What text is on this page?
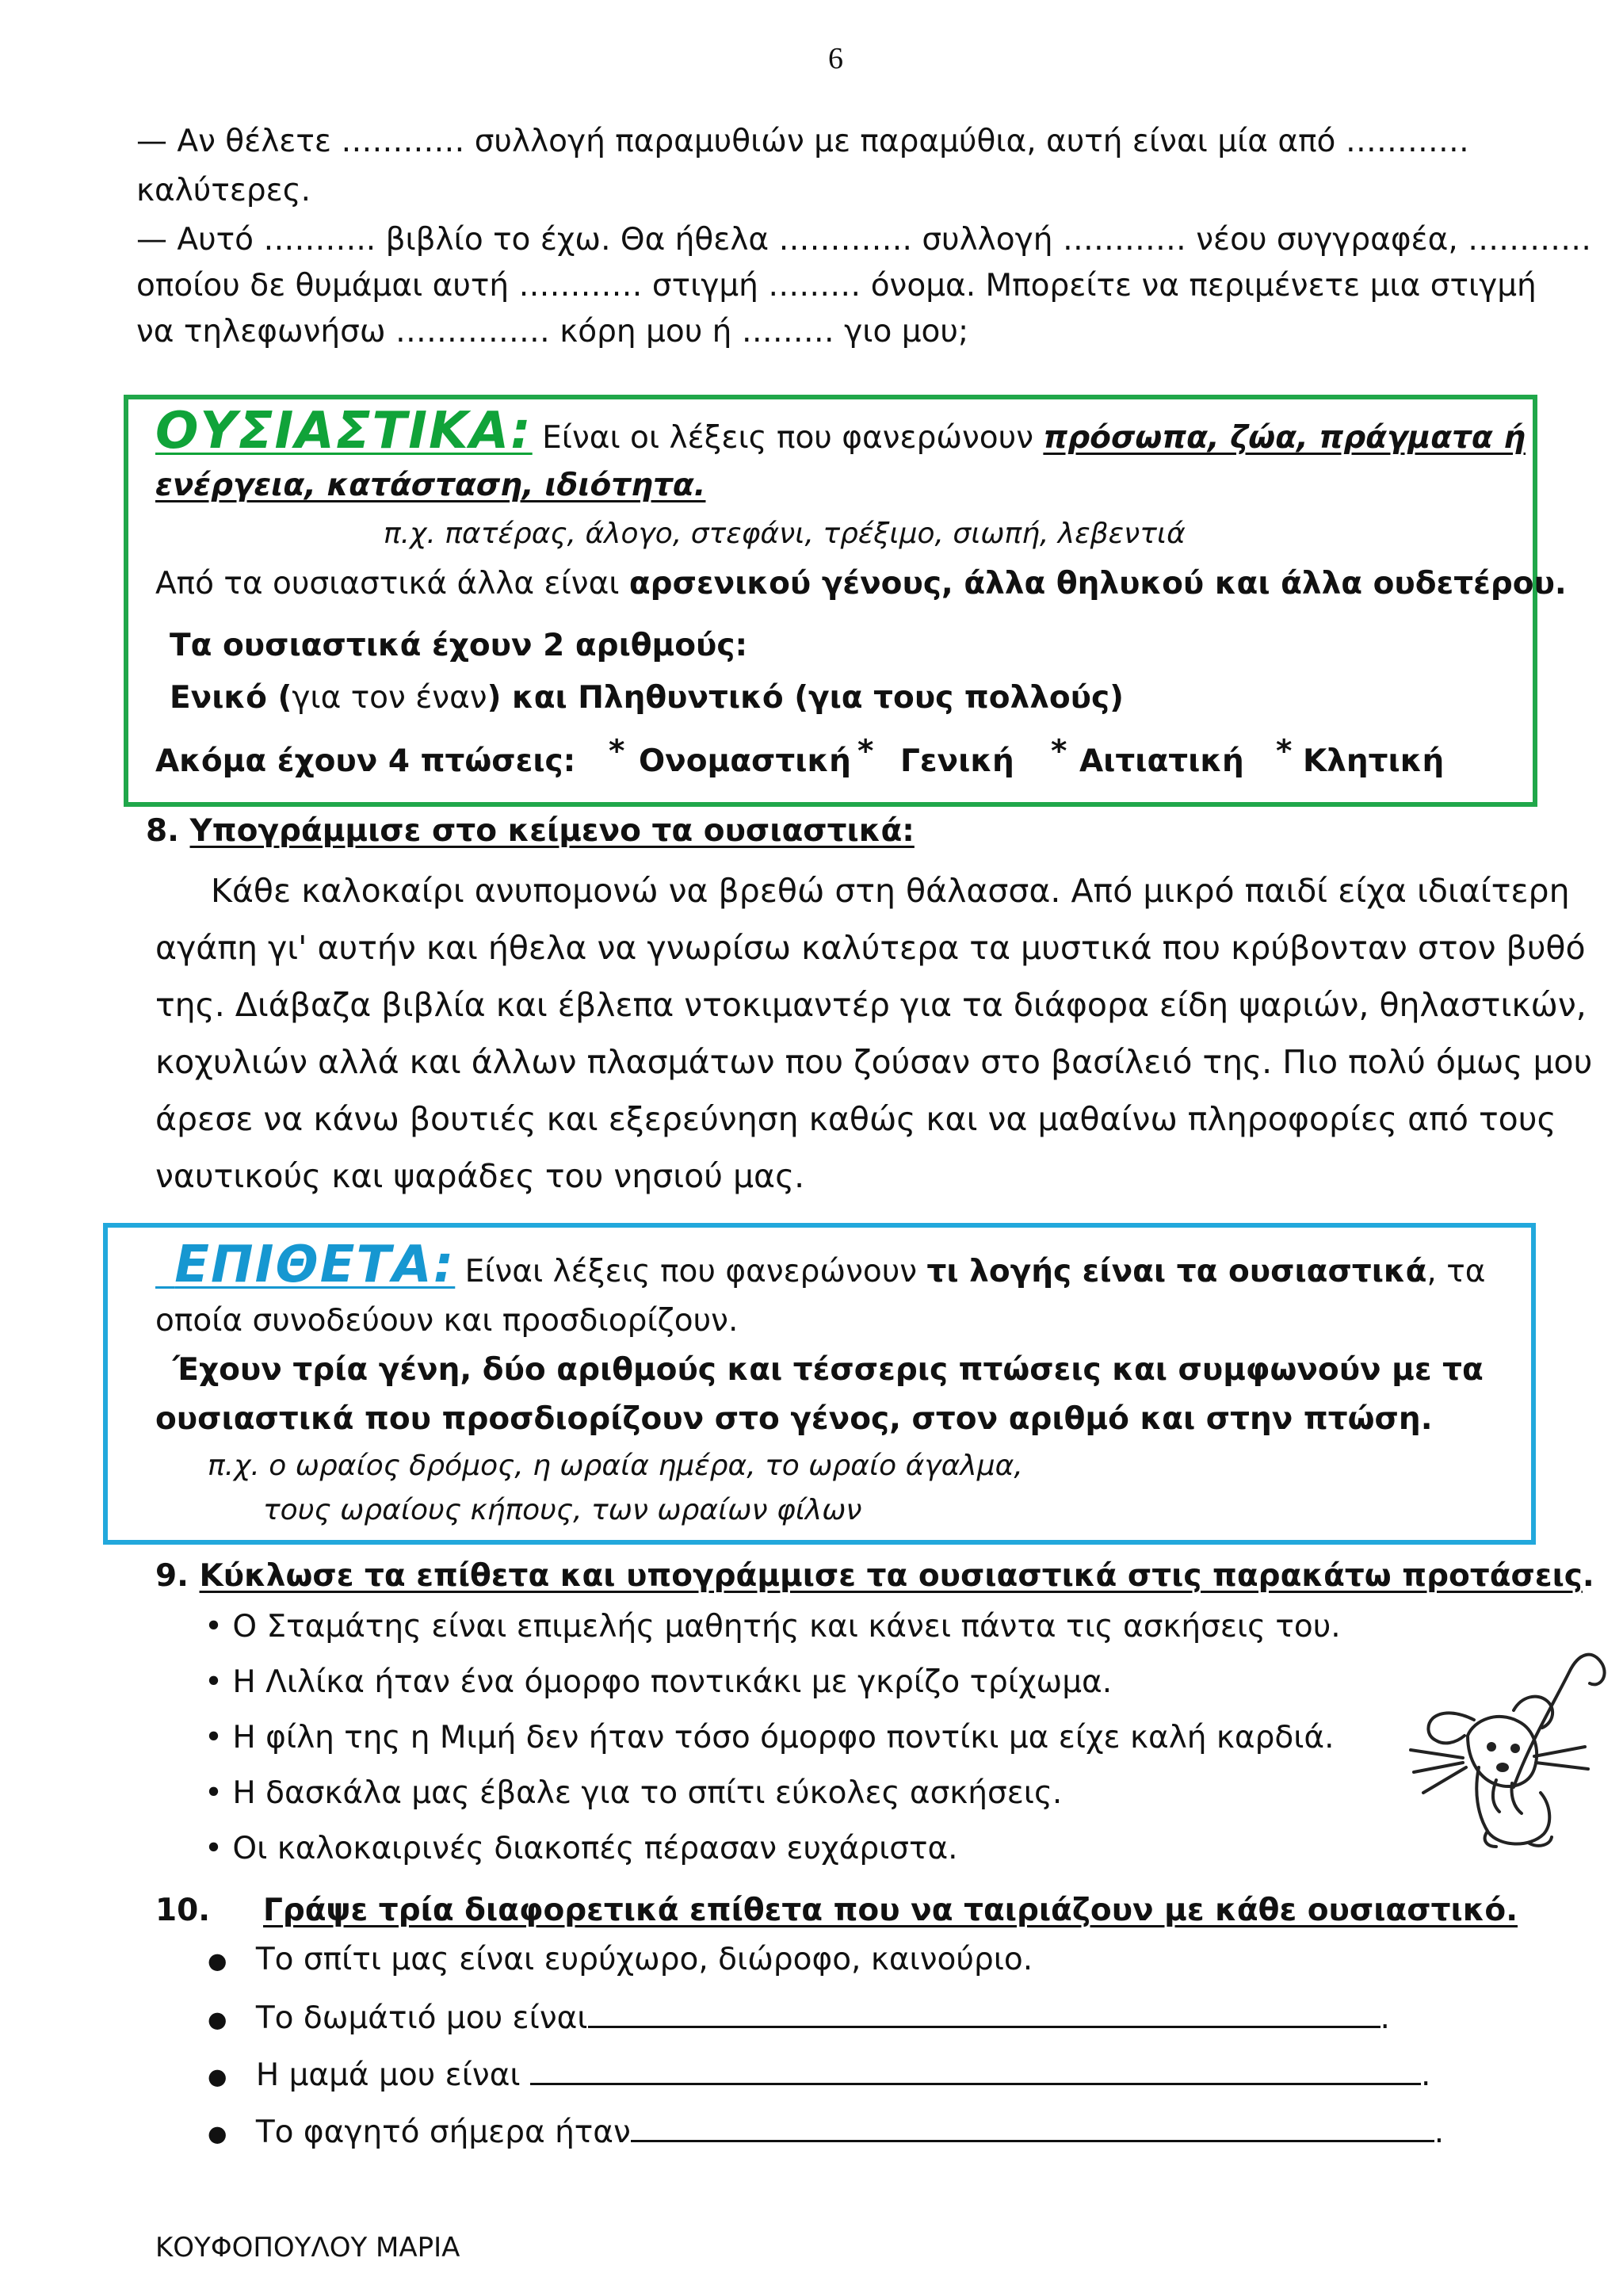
6
— Αν θέλετε ………… συλλογή παραμυθιών με παραμύθια, αυτή είναι μία από …………
καλύτερες.
— Αυτό ……….. βιβλίο το έχω. Θα ήθελα …………. συλλογή ………… νέου συγγραφέα, …………
οποίου δε θυμάμαι αυτή ………… στιγμή ……… όνομα. Μπορείτε να περιμένετε μια στιγμή
να τηλεφωνήσω …………… κόρη μου ή ……… γιο μου;
ΟΥΣΙΑΣΤΙΚΑ: Είναι οι λέξεις που φανερώνουν πρόσωπα, ζώα, πράγματα ή
ενέργεια, κατάσταση, ιδιότητα.
π.χ. πατέρας, άλογο, στεφάνι, τρέξιμο, σιωπή, λεβεντιά
Από τα ουσιαστικά άλλα είναι αρσενικού γένους, άλλα θηλυκού και άλλα ουδετέρου.
Τα ουσιαστικά έχουν 2 αριθμούς:
Ενικό (για τον έναν) και Πληθυντικό (για τους πολλούς)
Ακόμα έχουν 4 πτώσεις: * Ονομαστική * Γενική * Αιτιατική * Κλητική
8. Υπογράμμισε στο κείμενο τα ουσιαστικά:
Κάθε καλοκαίρι ανυπομονώ να βρεθώ στη θάλασσα. Από μικρό παιδί είχα ιδιαίτερη
αγάπη γι' αυτήν και ήθελα να γνωρίσω καλύτερα τα μυστικά που κρύβονταν στον βυθό
της. Διάβαζα βιβλία και έβλεπα ντοκιμαντέρ για τα διάφορα είδη ψαριών, θηλαστικών,
κοχυλιών αλλά και άλλων πλασμάτων που ζούσαν στο βασίλειό της. Πιο πολύ όμως μου
άρεσε να κάνω βουτιές και εξερεύνηση καθώς και να μαθαίνω πληροφορίες από τους
ναυτικούς και ψαράδες του νησιού μας.
ΕΠΙΘΕΤΑ: Είναι λέξεις που φανερώνουν τι λογής είναι τα ουσιαστικά, τα
οποία συνοδεύουν και προσδιορίζουν.
Έχουν τρία γένη, δύο αριθμούς και τέσσερις πτώσεις και συμφωνούν με τα
ουσιαστικά που προσδιορίζουν στο γένος, στον αριθμό και στην πτώση.
π.χ. ο ωραίος δρόμος, η ωραία ημέρα, το ωραίο άγαλμα,
τους ωραίους κήπους, των ωραίων φίλων
9. Κύκλωσε τα επίθετα και υπογράμμισε τα ουσιαστικά στις παρακάτω προτάσεις.
• Ο Σταμάτης είναι επιμελής μαθητής και κάνει πάντα τις ασκήσεις του.
• Η Λιλίκα ήταν ένα όμορφο ποντικάκι με γκρίζο τρίχωμα.
• Η φίλη της η Μιμή δεν ήταν τόσο όμορφο ποντίκι μα είχε καλή καρδιά.
• Η δασκάλα μας έβαλε για το σπίτι εύκολες ασκήσεις.
• Οι καλοκαιρινές διακοπές πέρασαν ευχάριστα.
10. Γράψε τρία διαφορετικά επίθετα που να ταιριάζουν με κάθε ουσιαστικό.
● Το σπίτι μας είναι ευρύχωρο, διώροφο, καινούριο.
● Το δωμάτιό μου είναι	.
● Η μαμά μου είναι	.
● Το φαγητό σήμερα ήταν	.
ΚΟΥΦΟΠΟΥΛΟΥ ΜΑΡΙΑ
